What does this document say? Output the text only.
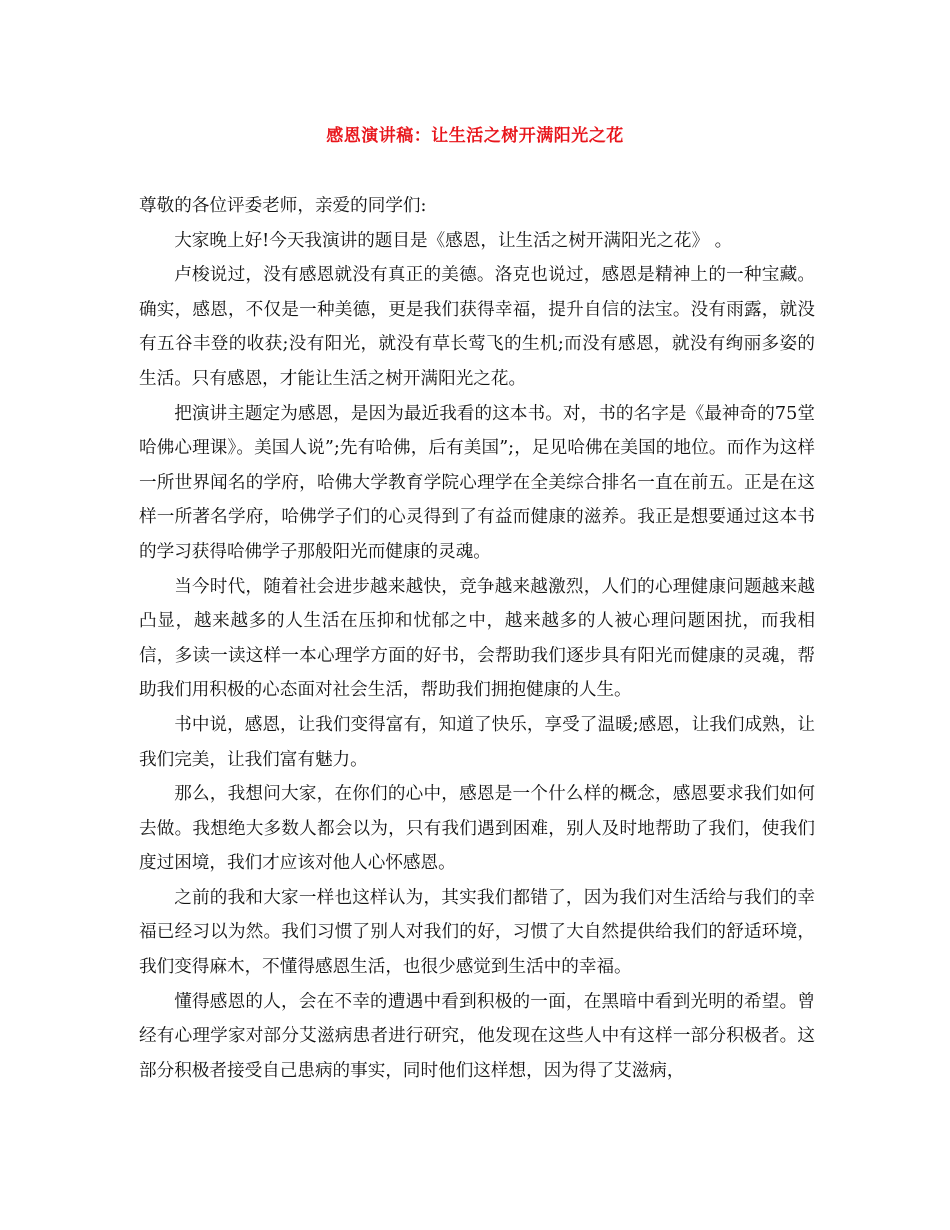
感恩演讲稿：让生活之树开满阳光之花

尊敬的各位评委老师，亲爱的同学们:

大家晚上好!今天我演讲的题目是《感恩，让生活之树开满阳光之花》 。

卢梭说过，没有感恩就没有真正的美德。洛克也说过，感恩是精神上的一种宝藏。确实，感恩，不仅是一种美德，更是我们获得幸福，提升自信的法宝。没有雨露，就没有五谷丰登的收获;没有阳光，就没有草长莺飞的生机;而没有感恩，就没有绚丽多姿的生活。只有感恩，才能让生活之树开满阳光之花。

把演讲主题定为感恩，是因为最近我看的这本书。对，书的名字是《最神奇的75堂哈佛心理课》。美国人说”;先有哈佛，后有美国”;，足见哈佛在美国的地位。而作为这样一所世界闻名的学府，哈佛大学教育学院心理学在全美综合排名一直在前五。正是在这样一所著名学府，哈佛学子们的心灵得到了有益而健康的滋养。我正是想要通过这本书的学习获得哈佛学子那般阳光而健康的灵魂。

当今时代，随着社会进步越来越快，竞争越来越激烈，人们的心理健康问题越来越凸显，越来越多的人生活在压抑和忧郁之中，越来越多的人被心理问题困扰，而我相信，多读一读这样一本心理学方面的好书，会帮助我们逐步具有阳光而健康的灵魂，帮助我们用积极的心态面对社会生活，帮助我们拥抱健康的人生。

书中说，感恩，让我们变得富有，知道了快乐，享受了温暖;感恩，让我们成熟，让我们完美，让我们富有魅力。

那么，我想问大家，在你们的心中，感恩是一个什么样的概念，感恩要求我们如何去做。我想绝大多数人都会以为，只有我们遇到困难，别人及时地帮助了我们，使我们度过困境，我们才应该对他人心怀感恩。

之前的我和大家一样也这样认为，其实我们都错了，因为我们对生活给与我们的幸福已经习以为然。我们习惯了别人对我们的好，习惯了大自然提供给我们的舒适环境，我们变得麻木，不懂得感恩生活，也很少感觉到生活中的幸福。

懂得感恩的人，会在不幸的遭遇中看到积极的一面，在黑暗中看到光明的希望。曾经有心理学家对部分艾滋病患者进行研究，他发现在这些人中有这样一部分积极者。这部分积极者接受自己患病的事实，同时他们这样想，因为得了艾滋病，
